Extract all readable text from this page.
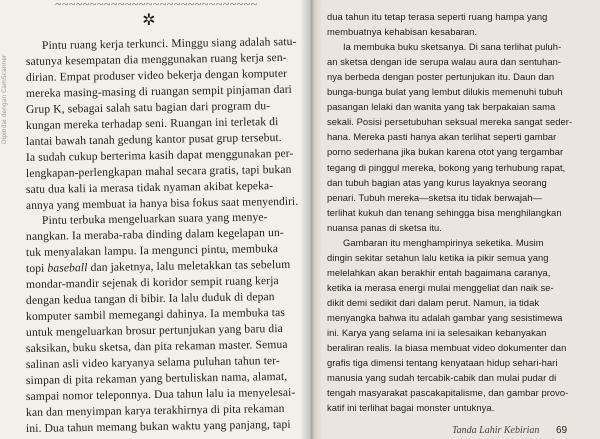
Dipindai dengan CamScanner
~~~~~~~~~~~~~~~~~~~~~~~~~~~~~
✲
Pintu ruang kerja terkunci. Minggu siang adalah satu-
satunya kesempatan dia menggunakan ruang kerja sen-
dirian. Empat produser video bekerja dengan komputer
mereka masing-masing di ruangan sempit pinjaman dari
Grup K, sebagai salah satu bagian dari program du-
kungan mereka terhadap seni. Ruangan ini terletak di
lantai bawah tanah gedung kantor pusat grup tersebut.
Ia sudah cukup berterima kasih dapat menggunakan per-
lengkapan-perlengkapan mahal secara gratis, tapi bukan
satu dua kali ia merasa tidak nyaman akibat kepeka-
annya yang membuat ia hanya bisa fokus saat menyendiri.
Pintu terbuka mengeluarkan suara yang menye-
nangkan. Ia meraba-raba dinding dalam kegelapan un-
tuk menyalakan lampu. Ia mengunci pintu, membuka
topi baseball dan jaketnya, lalu meletakkan tas sebelum
mondar-mandir sejenak di koridor sempit ruang kerja
dengan kedua tangan di bibir. Ia lalu duduk di depan
komputer sambil memegangi dahinya. Ia membuka tas
untuk mengeluarkan brosur pertunjukan yang baru dia
saksikan, buku sketsa, dan pita rekaman master. Semua
salinan asli video karyanya selama puluhan tahun ter-
simpan di pita rekaman yang bertuliskan nama, alamat,
sampai nomor teleponnya. Dua tahun lalu ia menyelesai-
kan dan menyimpan karya terakhirnya di pita rekaman
ini. Dua tahun memang bukan waktu yang panjang, tapi
dua tahun itu tetap terasa seperti ruang hampa yang
membuatnya kehabisan kesabaran.
Ia membuka buku sketsanya. Di sana terlihat puluh-
an sketsa dengan ide serupa walau aura dan sentuhan-
nya berbeda dengan poster pertunjukan itu. Daun dan
bunga-bunga bulat yang lembut dilukis memenuhi tubuh
pasangan lelaki dan wanita yang tak berpakaian sama
sekali. Posisi persetubuhan seksual mereka sangat seder-
hana. Mereka pasti hanya akan terlihat seperti gambar
porno sederhana jika bukan karena otot yang tergambar
tegang di pinggul mereka, bokong yang terhubung rapat,
dan tubuh bagian atas yang kurus layaknya seorang
penari. Tubuh mereka—sketsa itu tidak berwajah—
terlihat kukuh dan tenang sehingga bisa menghilangkan
nuansa panas di sketsa itu.
Gambaran itu menghampirinya seketika. Musim
dingin sekitar setahun lalu ketika ia pikir semua yang
melelahkan akan berakhir entah bagaimana caranya,
ketika ia merasa energi mulai menggeliat dan naik se-
dikit demi sedikit dari dalam perut. Namun, ia tidak
menyangka bahwa itu adalah gambar yang sesistimewa
ini. Karya yang selama ini ia selesaikan kebanyakan
beraliran realis. Ia biasa membuat video dokumenter dan
grafis tiga dimensi tentang kenyataan hidup sehari-hari
manusia yang sudah tercabik-cabik dan mulai pudar di
tengah masyarakat pascakapitalisme, dan gambar provo-
katif ini terlihat bagai monster untuknya.
Tanda Lahir Kebirian 69
